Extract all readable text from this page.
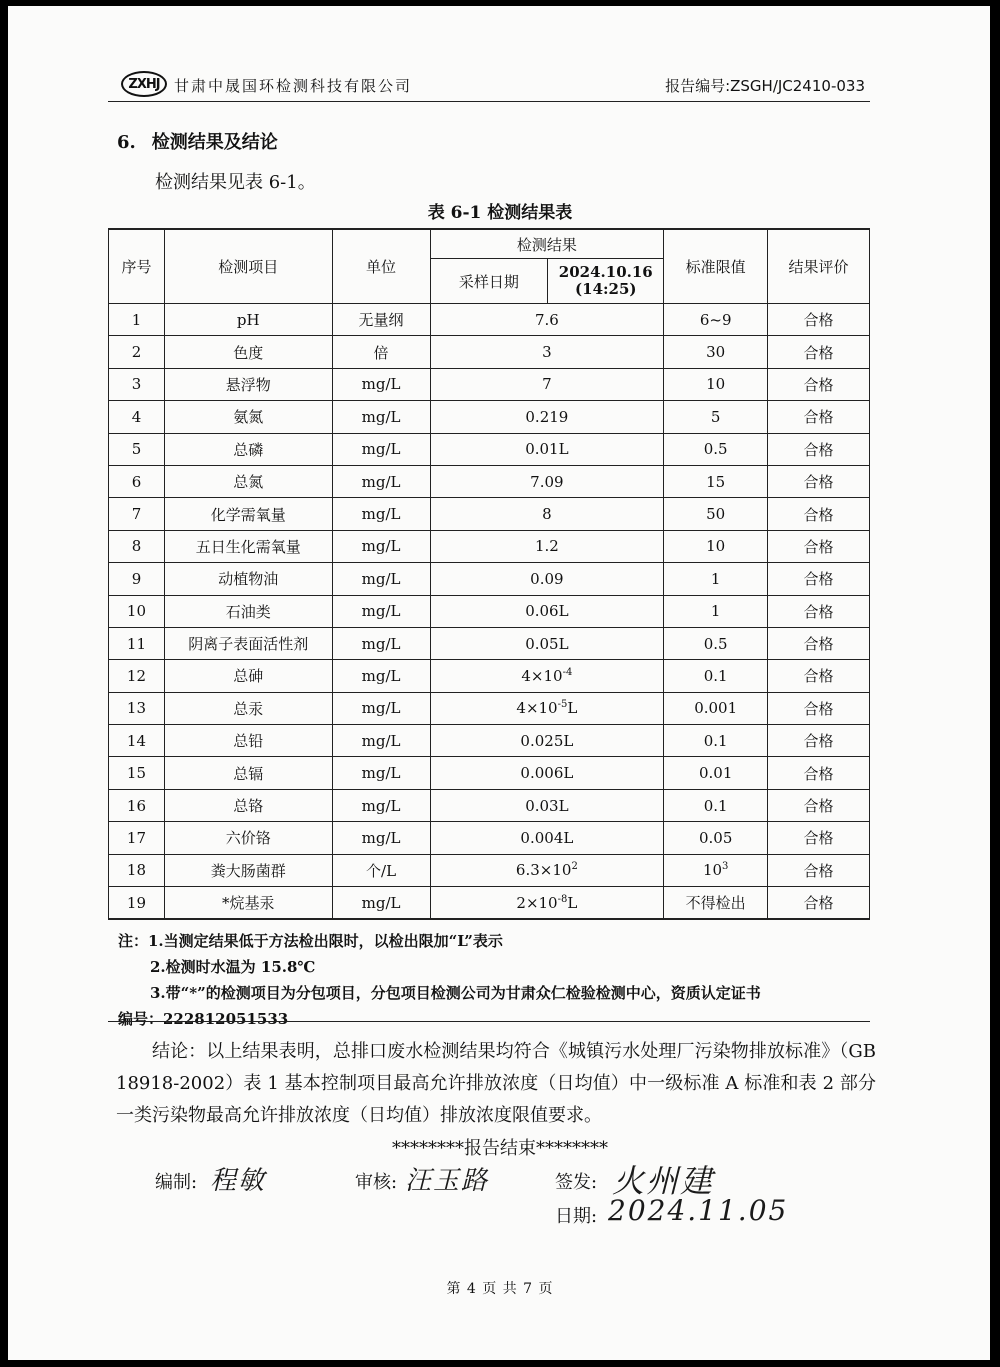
ZXHJ 甘肃中晟国环检测科技有限公司	报告编号:ZSGH/JC2410-033
6. 检测结果及结论
检测结果见表 6-1。
表 6-1 检测结果表
序号	检测项目	单位	检测结果		标准限值	结果评价
			采样日期	2024.10.16
(14:25)		

1	pH	无量纲	7.6		6~9	合格
2	色度	倍	3		30	合格
3	悬浮物	mg/L	7		10	合格
4	氨氮	mg/L	0.219		5	合格
5	总磷	mg/L	0.01L		0.5	合格
6	总氮	mg/L	7.09		15	合格
7	化学需氧量	mg/L	8		50	合格
8	五日生化需氧量	mg/L	1.2		10	合格
9	动植物油	mg/L	0.09		1	合格
10	石油类	mg/L	0.06L		1	合格
11	阴离子表面活性剂	mg/L	0.05L		0.5	合格
12	总砷	mg/L	$4\times 10^{-4}$		0.1	合格
13	总汞	mg/L	$4\times 10^{-5}L$		0.001	合格
14	总铅	mg/L	0.025L		0.1	合格
15	总镉	mg/L	0.006L		0.01	合格
16	总铬	mg/L	0.03L		0.1	合格
17	六价铬	mg/L	0.004L		0.05	合格
18	粪大肠菌群	个/L	$6.3\times 10^2$		$10^3$	合格
19	*烷基汞	mg/L	$2\times 10^{-8}L$		不得检出	合格
注：1.当测定结果低于方法检出限时，以检出限加“L”表示
2.检测时水温为 15.8℃
3.带“*”的检测项目为分包项目，分包项目检测公司为甘肃众仁检验检测中心，资质认定证书
编号：222812051533
结论：以上结果表明，总排口废水检测结果均符合《城镇污水处理厂污染物排放标准》（GB 18918-2002）表 1 基本控制项目最高允许排放浓度（日均值）中一级标准 A 标准和表 2 部分一类污染物最高允许排放浓度（日均值）排放浓度限值要求。
********报告结束********
编制: 程敏	审核: 汪玉路	签发: 火州建
日期: 2024.11.05
第 4 页 共 7 页
